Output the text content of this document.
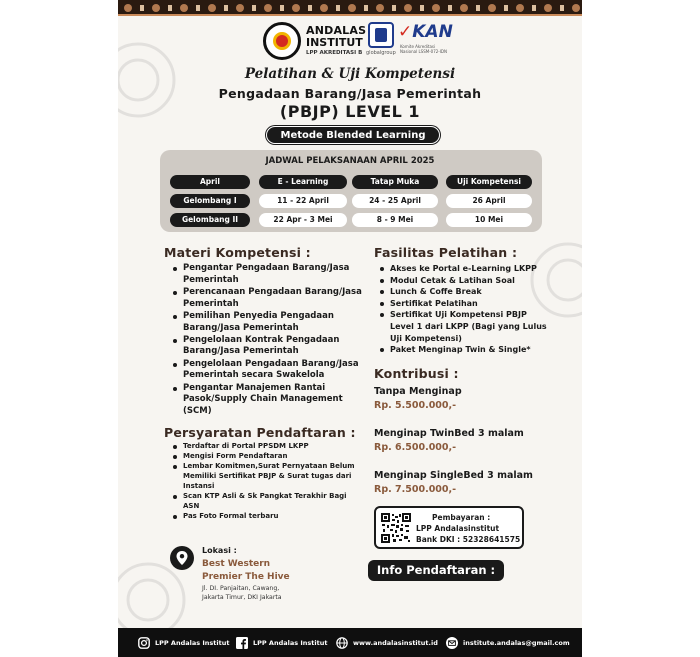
ANDALAS
INSTITUT
LPP AKREDITASI B globalgroup
✓KAN
Komite Akreditasi Nasional LSSM-072-IDN
Pelatihan & Uji Kompetensi
Pengadaan Barang/Jasa Pemerintah
(PBJP) LEVEL 1
Metode Blended Learning
JADWAL PELAKSANAAN APRIL 2025
April	E - Learning	Tatap Muka	Uji Kompetensi
Gelombang I	11 - 22 April	24 - 25 April	26 April
Gelombang II	22 Apr - 3 Mei	8 - 9 Mei	10 Mei
Materi Kompetensi :
Pengantar Pengadaan Barang/Jasa Pemerintah
Perencanaan Pengadaan Barang/Jasa Pemerintah
Pemilihan Penyedia Pengadaan Barang/Jasa Pemerintah
Pengelolaan Kontrak Pengadaan Barang/Jasa Pemerintah
Pengelolaan Pengadaan Barang/Jasa Pemerintah secara Swakelola
Pengantar Manajemen Rantai Pasok/Supply Chain Management (SCM)
Fasilitas Pelatihan :
Akses ke Portal e-Learning LKPP
Modul Cetak & Latihan Soal
Lunch & Coffe Break
Sertifikat Pelatihan
Sertifikat Uji Kompetensi PBJP Level 1 dari LKPP (Bagi yang Lulus Uji Kompetensi)
Paket Menginap Twin & Single*
Kontribusi :
Tanpa Menginap
Rp. 5.500.000,-
Menginap TwinBed 3 malam
Rp. 6.500.000,-
Menginap SingleBed 3 malam
Rp. 7.500.000,-
Persyaratan Pendaftaran :
Terdaftar di Portal PPSDM LKPP
Mengisi Form Pendaftaran
Lembar Komitmen,Surat Pernyataan Belum Memiliki Sertifikat PBJP & Surat tugas dari Instansi
Scan KTP Asli & Sk Pangkat Terakhir Bagi ASN
Pas Foto Formal terbaru	Pembayaran :
LPP Andalasinstitut
Bank DKI : 52328641575
Info Pendaftaran :
Lokasi :
Best Western
Premier The Hive
Jl. DI. Panjaitan, Cawang,
Jakarta Timur, DKI Jakarta
LPP Andalas Institut	LPP Andalas Institut	www.andalasinstitut.id	institute.andalas@gmail.com
